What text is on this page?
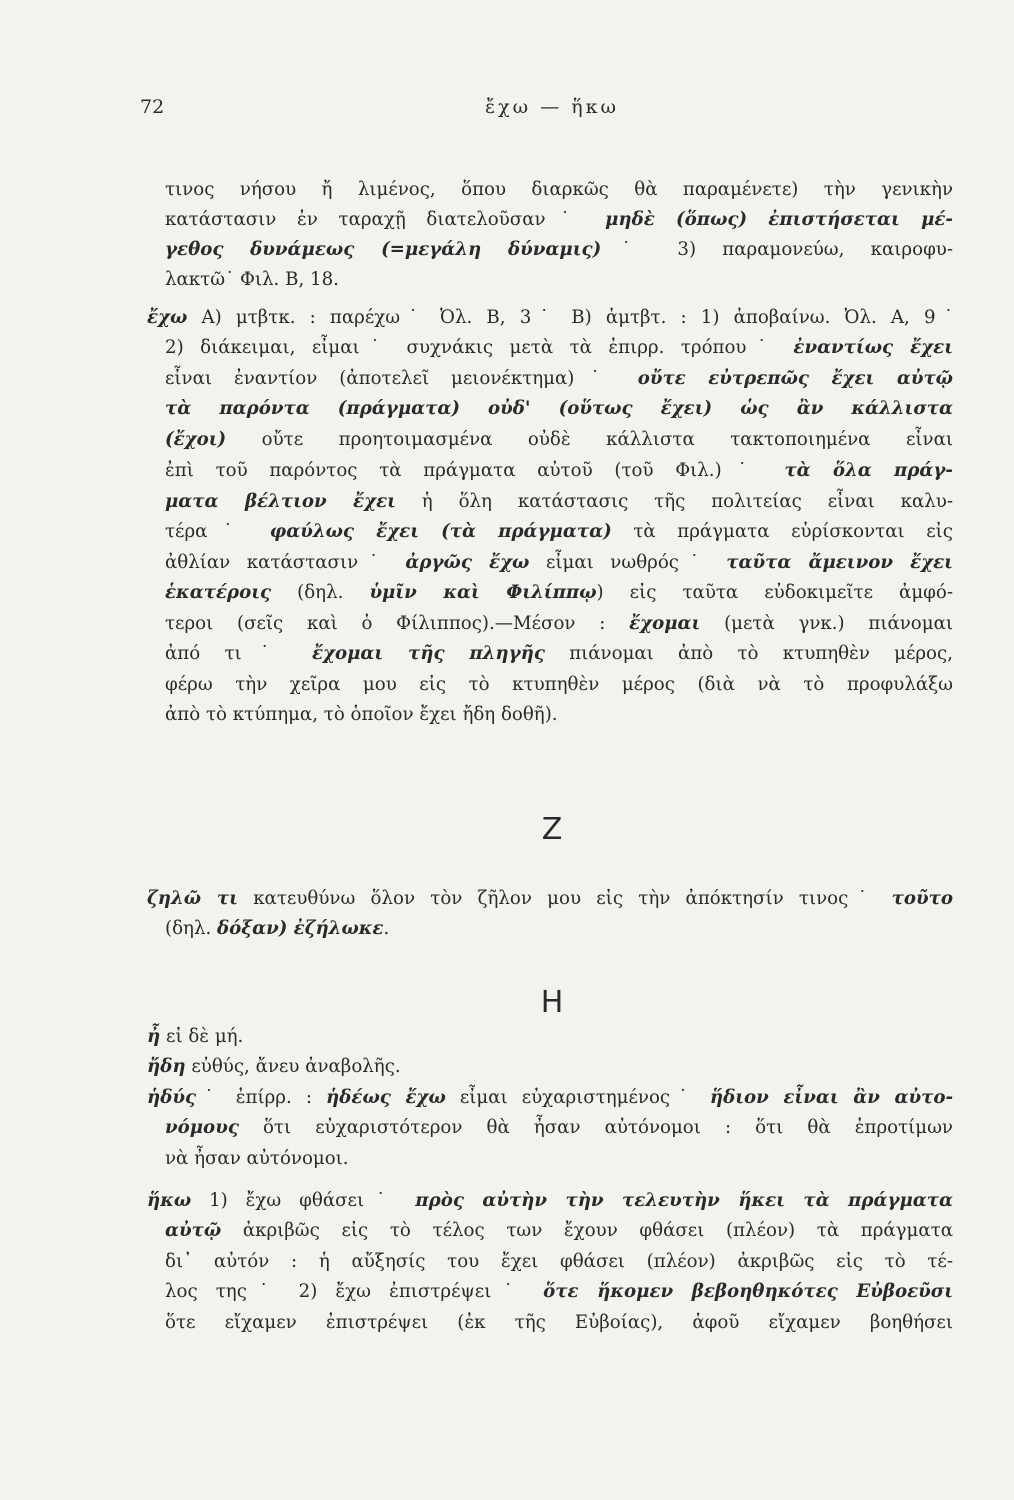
72	ἔχω — ἥκω
τινος νήσου ἤ λιμένος, ὅπου διαρκῶς θὰ παραμένετε) τὴν γενικὴν
κατάστασιν ἐν ταραχῇ διατελοῦσαν˙ μηδὲ (ὅπως) ἐπιστήσεται μέ-
γεθος δυνάμεως (=μεγάλη δύναμις)˙ 3) παραμονεύω, καιροφυ-
λακτῶ˙ Φιλ. Β, 18.
ἔχω Α) μτβτκ. : παρέχω˙ Ὀλ. Β, 3˙ Β) ἀμτβτ. : 1) ἀποβαίνω. Ὀλ. Α, 9˙
2) διάκειμαι, εἶμαι˙ συχνάκις μετὰ τὰ ἐπιρρ. τρόπου˙ ἐναντίως ἔχει
εἶναι ἐναντίον (ἀποτελεῖ μειονέκτημα)˙ οὔτε εὐτρεπῶς ἔχει αὐτῷ
τὰ παρόντα (πράγματα) οὐδ' (οὕτως ἔχει) ὡς ἂν κάλλιστα
(ἔχοι) οὔτε προητοιμασμένα οὐδὲ κάλλιστα τακτοποιημένα εἶναι
ἐπὶ τοῦ παρόντος τὰ πράγματα αὐτοῦ (τοῦ Φιλ.)˙ τὰ ὅλα πράγ-
ματα βέλτιον ἔχει ἡ ὅλη κατάστασις τῆς πολιτείας εἶναι καλυ-
τέρα˙ φαύλως ἔχει (τὰ πράγματα) τὰ πράγματα εὑρίσκονται εἰς
ἀθλίαν κατάστασιν˙ ἀργῶς ἔχω εἶμαι νωθρός˙ ταῦτα ἄμεινον ἔχει
ἑκατέροις (δηλ. ὑμῖν καὶ Φιλίππῳ) εἰς ταῦτα εὐδοκιμεῖτε ἀμφό-
τεροι (σεῖς καὶ ὁ Φίλιππος).—Μέσον : ἔχομαι (μετὰ γνκ.) πιάνομαι
ἀπό τι˙ ἔχομαι τῆς πληγῆς πιάνομαι ἀπὸ τὸ κτυπηθὲν μέρος,
φέρω τὴν χεῖρα μου εἰς τὸ κτυπηθὲν μέρος (διὰ νὰ τὸ προφυλάξω
ἀπὸ τὸ κτύπημα, τὸ ὁποῖον ἔχει ἤδη δοθῆ).
ἦ εἰ δὲ μή.
ἤδη εὐθύς, ἄνευ ἀναβολῆς.
ἡδύς˙ ἐπίρρ. : ἡδέως ἔχω εἶμαι εὐχαριστημένος˙ ἥδιον εἶναι ἂν αὐτο-
νόμους ὅτι εὐχαριστότερον θὰ ἦσαν αὐτόνομοι : ὅτι θὰ ἐπροτίμων
νὰ ἦσαν αὐτόνομοι.
ἥκω 1) ἔχω φθάσει˙ πρὸς αὐτὴν τὴν τελευτὴν ἥκει τὰ πράγματα
αὐτῷ ἀκριβῶς εἰς τὸ τέλος των ἔχουν φθάσει (πλέον) τὰ πράγματα
δι᾽ αὐτόν : ἡ αὔξησίς του ἔχει φθάσει (πλέον) ἀκριβῶς εἰς τὸ τέ-
λος της˙ 2) ἔχω ἐπιστρέψει˙ ὅτε ἥκομεν βεβοηθηκότες Εὐβοεῦσι
ὅτε εἴχαμεν ἐπιστρέψει (ἐκ τῆς Εὐβοίας), ἀφοῦ εἴχαμεν βοηθήσει
Z
ζηλῶ τι κατευθύνω ὅλον τὸν ζῆλον μου εἰς τὴν ἀπόκτησίν τινος˙ τοῦτο
(δηλ. δόξαν) ἐζήλωκε.
Η
